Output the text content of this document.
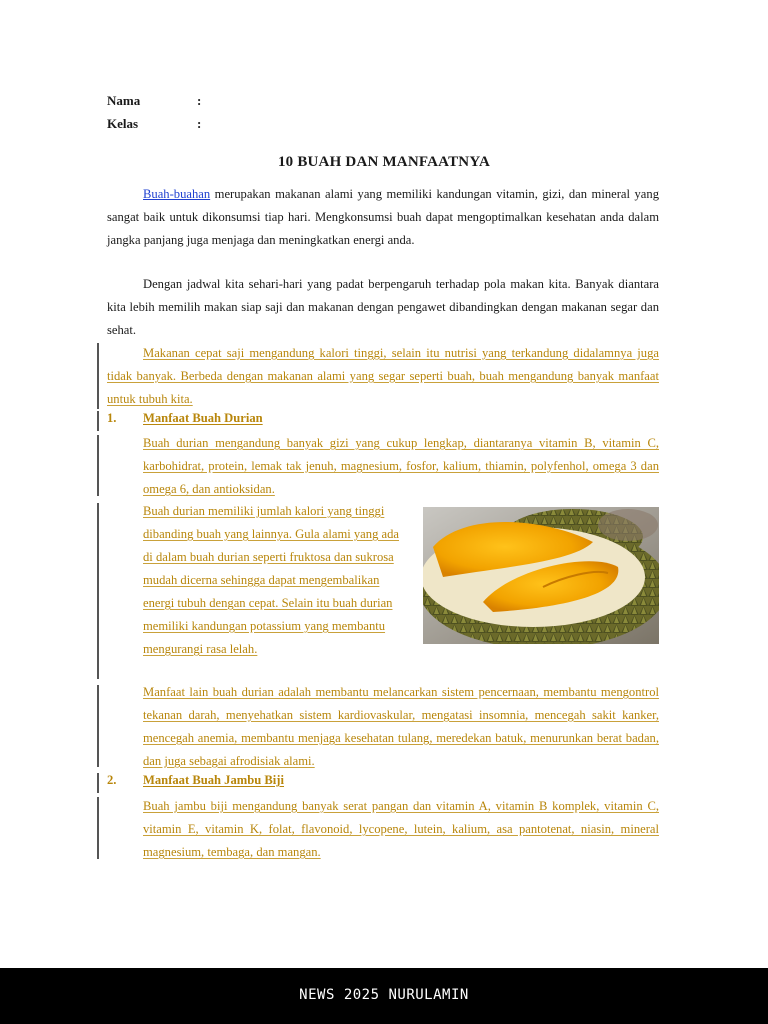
Nama	:
Kelas	:
10 BUAH DAN MANFAATNYA

Buah-buahan merupakan makanan alami yang memiliki kandungan vitamin, gizi, dan mineral yang sangat baik untuk dikonsumsi tiap hari. Mengkonsumsi buah dapat mengoptimalkan kesehatan anda dalam jangka panjang juga menjaga dan meningkatkan energi anda.

Dengan jadwal kita sehari-hari yang padat berpengaruh terhadap pola makan kita. Banyak diantara kita lebih memilih makan siap saji dan makanan dengan pengawet dibandingkan dengan makanan segar dan sehat.

Makanan cepat saji mengandung kalori tinggi, selain itu nutrisi yang terkandung didalamnya juga tidak banyak. Berbeda dengan makanan alami yang segar seperti buah, buah mengandung banyak manfaat untuk tubuh kita.

1. Manfaat Buah Durian

Buah durian mengandung banyak gizi yang cukup lengkap, diantaranya vitamin B, vitamin C, karbohidrat, protein, lemak tak jenuh, magnesium, fosfor, kalium, thiamin, polyfenhol, omega 3 dan omega 6, dan antioksidan.

Buah durian memiliki jumlah kalori yang tinggi dibanding buah yang lainnya. Gula alami yang ada di dalam buah durian seperti fruktosa dan sukrosa mudah dicerna sehingga dapat mengembalikan energi tubuh dengan cepat. Selain itu buah durian memiliki kandungan potassium yang membantu mengurangi rasa lelah.

Manfaat lain buah durian adalah membantu melancarkan sistem pencernaan, membantu mengontrol tekanan darah, menyehatkan sistem kardiovaskular, mengatasi insomnia, mencegah sakit kanker, mencegah anemia, membantu menjaga kesehatan tulang, meredekan batuk, menurunkan berat badan, dan juga sebagai afrodisiak alami.

2. Manfaat Buah Jambu Biji

Buah jambu biji mengandung banyak serat pangan dan vitamin A, vitamin B komplek, vitamin C, vitamin E, vitamin K, folat, flavonoid, lycopene, lutein, kalium, asa pantotenat, niasin, mineral magnesium, tembaga, dan mangan.

NEWS 2025 NURULAMIN
